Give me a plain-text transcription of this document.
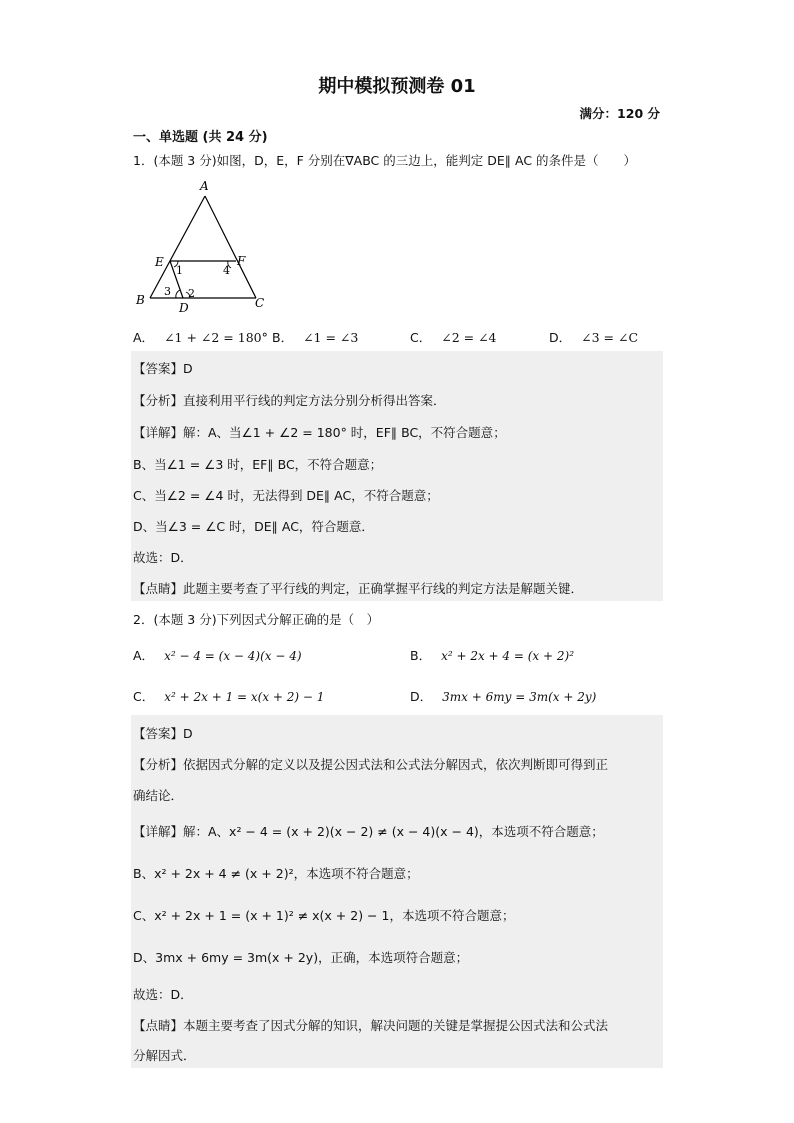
期中模拟预测卷 01
满分：120 分
一、单选题 (共 24 分)
1．(本题 3 分)如图，D，E，F 分别在∇ABC 的三边上，能判定 DE∥ AC 的条件是（　　）
A
E	F
B
D	C
1	4
3 2
A． ∠1 + ∠2 = 180° B． ∠1 = ∠3	C． ∠2 = ∠4	D． ∠3 = ∠C
【答案】D
【分析】直接利用平行线的判定方法分别分析得出答案．
【详解】解：A、当∠1 + ∠2 = 180° 时，EF∥ BC，不符合题意；
B、当∠1 = ∠3 时，EF∥ BC，不符合题意；
C、当∠2 = ∠4 时，无法得到 DE∥ AC，不符合题意；
D、当∠3 = ∠C 时，DE∥ AC，符合题意．
故选：D．
【点睛】此题主要考查了平行线的判定，正确掌握平行线的判定方法是解题关键．
2．(本题 3 分)下列因式分解正确的是（　）
A． x² − 4 = (x − 4)(x − 4)	B． x² + 2x + 4 = (x + 2)²
C． x² + 2x + 1 = x(x + 2) − 1	D． 3mx + 6my = 3m(x + 2y)
【答案】D
【分析】依据因式分解的定义以及提公因式法和公式法分解因式，依次判断即可得到正
确结论．
【详解】解：A、x² − 4 = (x + 2)(x − 2) ≠ (x − 4)(x − 4)，本选项不符合题意；
B、x² + 2x + 4 ≠ (x + 2)²，本选项不符合题意；
C、x² + 2x + 1 = (x + 1)² ≠ x(x + 2) − 1，本选项不符合题意；
D、3mx + 6my = 3m(x + 2y)，正确，本选项符合题意；
故选：D．
【点睛】本题主要考查了因式分解的知识，解决问题的关键是掌握提公因式法和公式法
分解因式．
